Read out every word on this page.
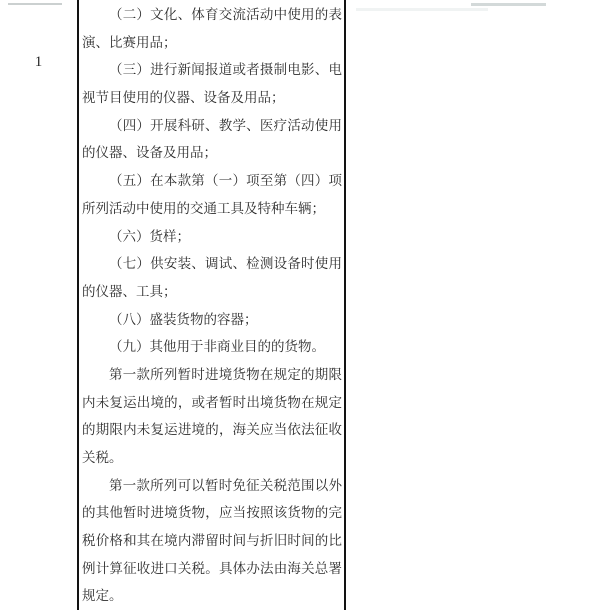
1
（二）文化、体育交流活动中使用的表
演、比赛用品；
（三）进行新闻报道或者摄制电影、电
视节目使用的仪器、设备及用品；
（四）开展科研、教学、医疗活动使用
的仪器、设备及用品；
（五）在本款第（一）项至第（四）项
所列活动中使用的交通工具及特种车辆；
（六）货样；
（七）供安装、调试、检测设备时使用
的仪器、工具；
（八）盛装货物的容器；
（九）其他用于非商业目的的货物。
第一款所列暂时进境货物在规定的期限
内未复运出境的，或者暂时出境货物在规定
的期限内未复运进境的，海关应当依法征收
关税。
第一款所列可以暂时免征关税范围以外
的其他暂时进境货物，应当按照该货物的完
税价格和其在境内滞留时间与折旧时间的比
例计算征收进口关税。具体办法由海关总署
规定。
